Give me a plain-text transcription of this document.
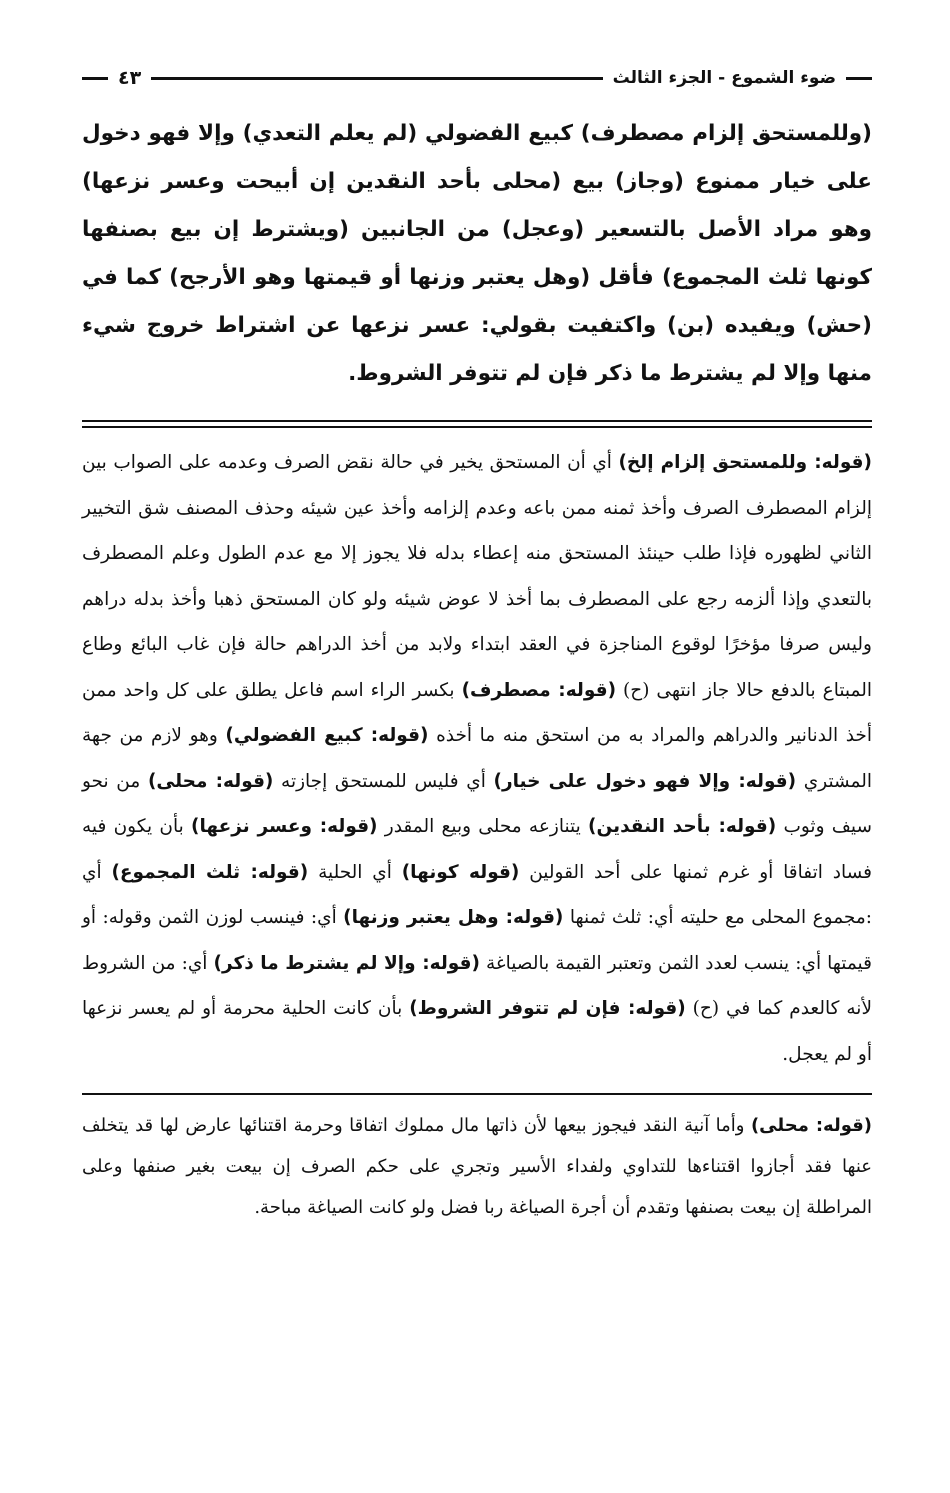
ضوء الشموع - الجزء الثالث
٤٣
(وللمستحق إلزام مصطرف) كبيع الفضولي (لم يعلم التعدي) وإلا فهو دخول على خيار ممنوع (وجاز) بيع (محلى بأحد النقدين إن أبيحت وعسر نزعها) وهو مراد الأصل بالتسعير (وعجل) من الجانبين (ويشترط إن بيع بصنفها كونها ثلث المجموع) فأقل (وهل يعتبر وزنها أو قيمتها وهو الأرجح) كما في (حش) ويفيده (بن) واكتفيت بقولي: عسر نزعها عن اشتراط خروج شيء منها وإلا لم يشترط ما ذكر فإن لم تتوفر الشروط.
(قوله: وللمستحق إلزام إلخ) أي أن المستحق يخير في حالة نقض الصرف وعدمه على الصواب بين إلزام المصطرف الصرف وأخذ ثمنه ممن باعه وعدم إلزامه وأخذ عين شيئه وحذف المصنف شق التخيير الثاني لظهوره فإذا طلب حينئذ المستحق منه إعطاء بدله فلا يجوز إلا مع عدم الطول وعلم المصطرف بالتعدي وإذا ألزمه رجع على المصطرف بما أخذ لا عوض شيئه ولو كان المستحق ذهبا وأخذ بدله دراهم وليس صرفا مؤخرًا لوقوع المناجزة في العقد ابتداء ولابد من أخذ الدراهم حالة فإن غاب البائع وطاع المبتاع بالدفع حالا جاز انتهى (ح) (قوله: مصطرف) بكسر الراء اسم فاعل يطلق على كل واحد ممن أخذ الدنانير والدراهم والمراد به من استحق منه ما أخذه (قوله: كبيع الفضولي) وهو لازم من جهة المشتري (قوله: وإلا فهو دخول على خيار) أي فليس للمستحق إجازته (قوله: محلى) من نحو سيف وثوب (قوله: بأحد النقدين) يتنازعه محلى وبيع المقدر (قوله: وعسر نزعها) بأن يكون فيه فساد اتفاقا أو غرم ثمنها على أحد القولين (قوله كونها) أي الحلية (قوله: ثلث المجموع) أي :مجموع المحلى مع حليته أي: ثلث ثمنها (قوله: وهل يعتبر وزنها) أي: فينسب لوزن الثمن وقوله: أو قيمتها أي: ينسب لعدد الثمن وتعتبر القيمة بالصياغة (قوله: وإلا لم يشترط ما ذكر) أي: من الشروط لأنه كالعدم كما في (ح) (قوله: فإن لم تتوفر الشروط) بأن كانت الحلية محرمة أو لم يعسر نزعها أو لم يعجل.
(قوله: محلى) وأما آنية النقد فيجوز بيعها لأن ذاتها مال مملوك اتفاقا وحرمة اقتنائها عارض لها قد يتخلف عنها فقد أجازوا اقتناءها للتداوي ولفداء الأسير وتجري على حكم الصرف إن بيعت بغير صنفها وعلى المراطلة إن بيعت بصنفها وتقدم أن أجرة الصياغة ربا فضل ولو كانت الصياغة مباحة.
